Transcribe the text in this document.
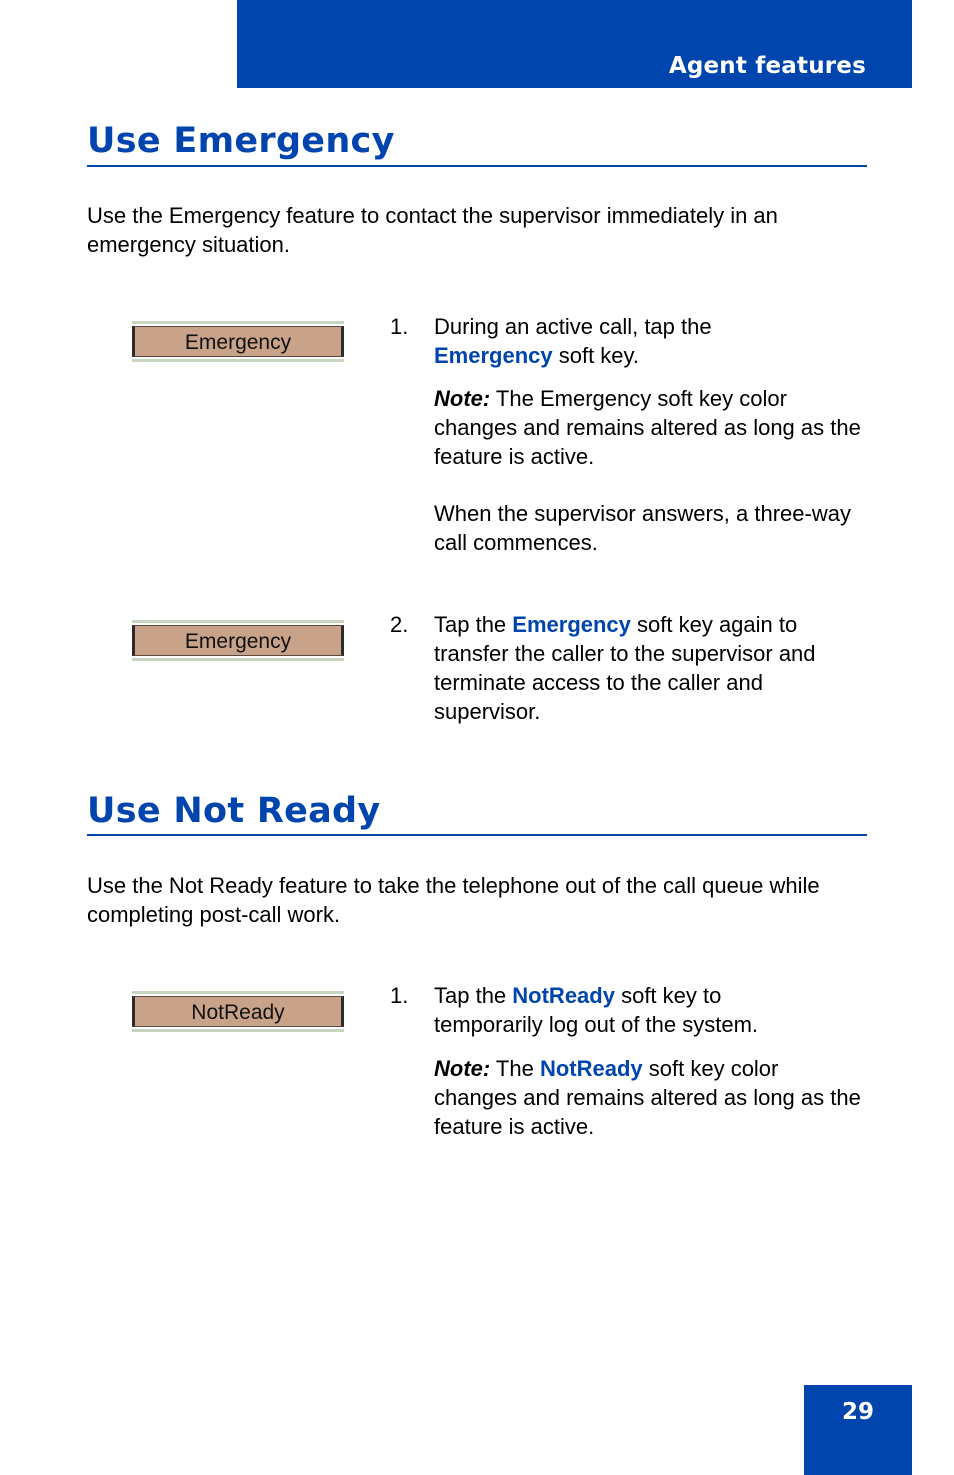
Agent features
Use Emergency

Use the Emergency feature to contact the supervisor immediately in an emergency situation.

Emergency
1. During an active call, tap the
Emergency soft key.

Note: The Emergency soft key color changes and remains altered as long as the feature is active.

When the supervisor answers, a three-way call commences.

Emergency
2. Tap the Emergency soft key again to transfer the caller to the supervisor and terminate access to the caller and supervisor.

Use Not Ready

Use the Not Ready feature to take the telephone out of the call queue while completing post-call work.

NotReady
1. Tap the NotReady soft key to temporarily log out of the system.

Note: The NotReady soft key color changes and remains altered as long as the feature is active.

29
